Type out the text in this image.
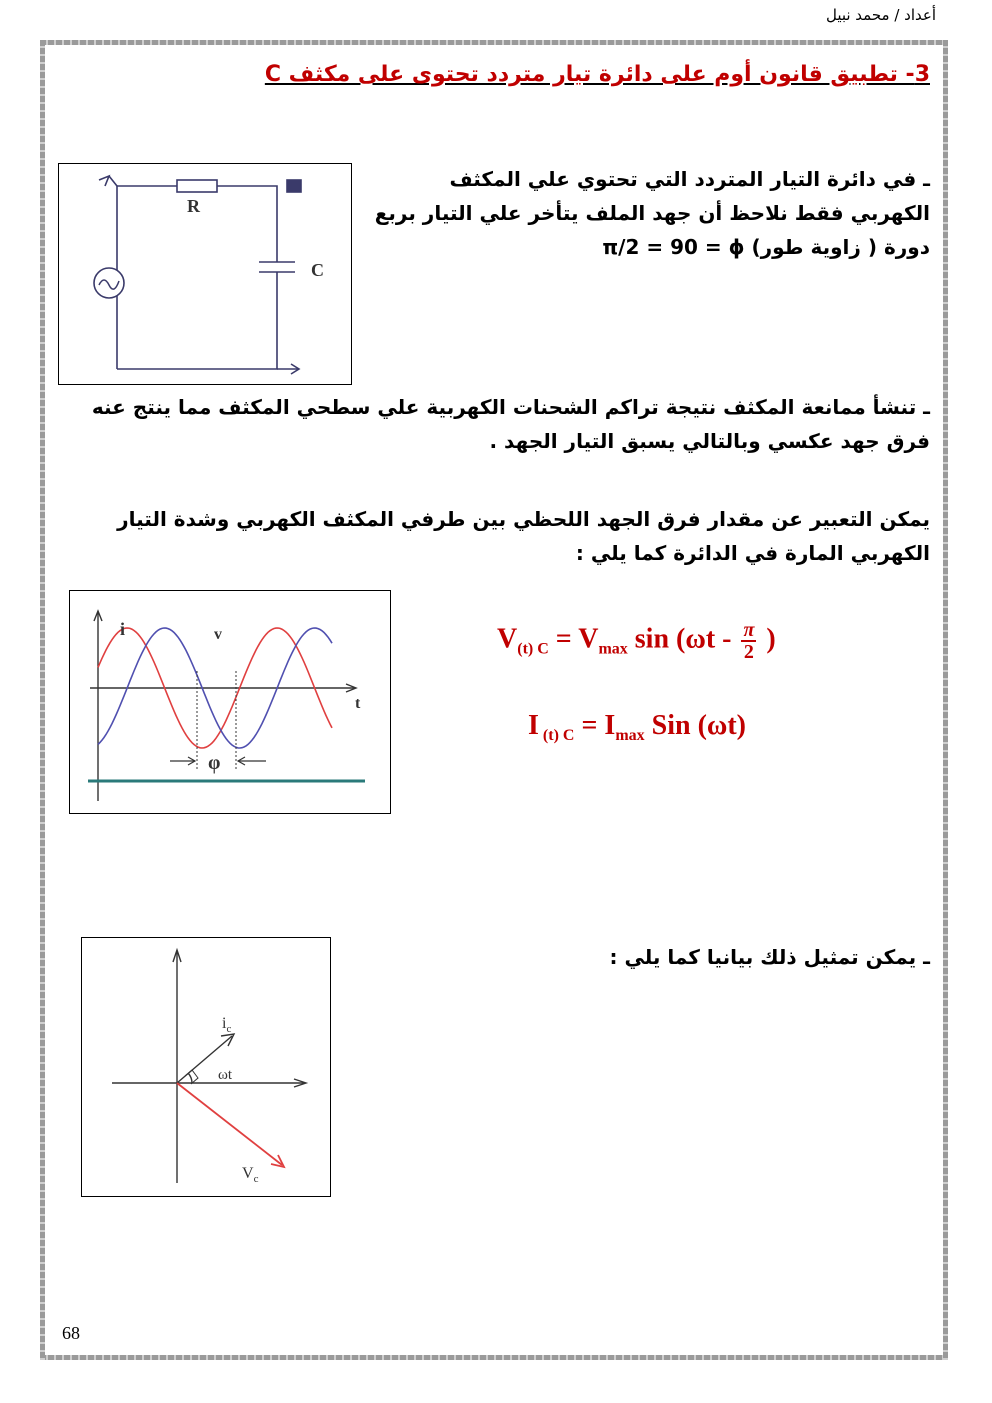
أعداد / محمد نبيل
3- تطبيق قانون أوم على دائرة تيار متردد تحتوى على مكثف C
ـ في دائرة التيار المتردد التي تحتوي علي المكثف الكهربي فقط نلاحظ أن جهد الملف يتأخر علي التيار بربع دورة ( زاوية طور) π/2 = 90 = ϕ
R
C
ـ تنشأ ممانعة المكثف نتيجة تراكم الشحنات الكهربية علي سطحي المكثف مما ينتج عنه فرق جهد عكسي وبالتالي يسبق التيار الجهد .
يمكن التعبير عن مقدار فرق الجهد اللحظي بين طرفي المكثف الكهربي وشدة التيار الكهربي المارة في الدائرة كما يلي :
i	v
t
φ
$V_{(t) C} = V_{max}$ $\sin (\omega t - \frac{\pi}{2}$ )
I $_{(t) C} = I_{max}$ Sin (ωt)
ـ يمكن تمثيل ذلك بيانيا كما يلي :
$i_c$
$V_c$
ωt
68
